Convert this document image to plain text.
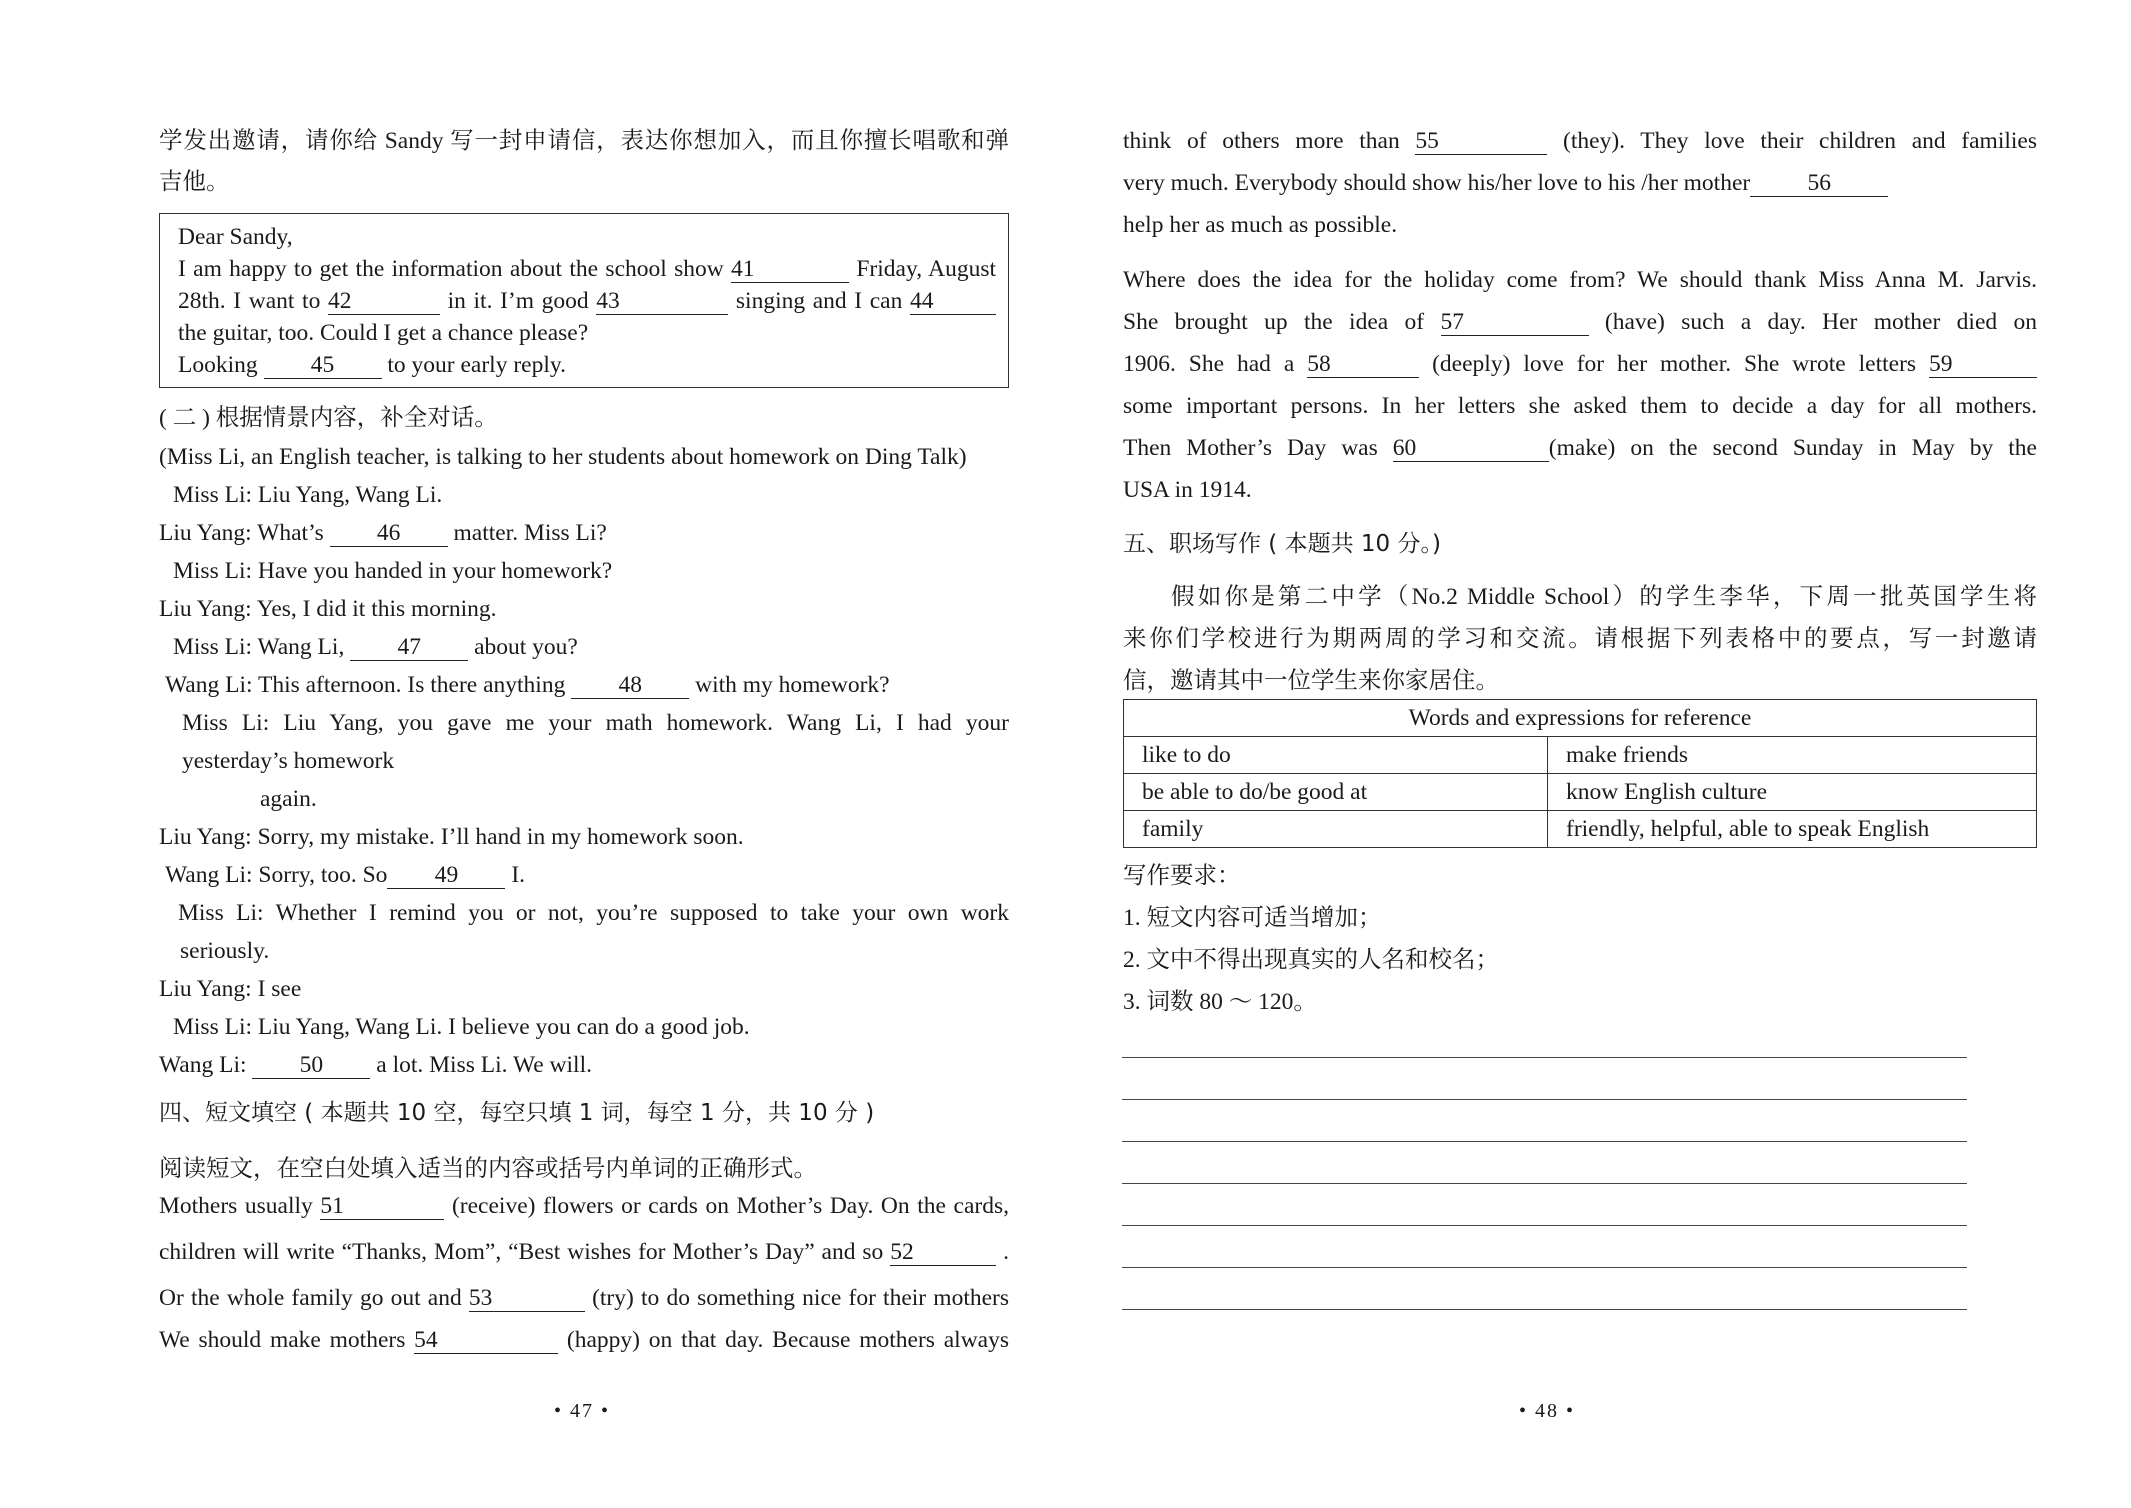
学发出邀请，请你给 Sandy 写一封申请信，表达你想加入，而且你擅长唱歌和弹
吉他。
Dear Sandy,
I am happy to get the information about the school show 41	Friday, August
28th. I want to 42	in it. I’m good 43	singing and I can 44
the guitar, too. Could I get a chance please?
Looking 45 to your early reply.
( 二 ) 根据情景内容，补全对话。
(Miss Li, an English teacher, is talking to her students about homework on Ding Talk)
Miss Li: Liu Yang, Wang Li.
Liu Yang: What’s 46 matter. Miss Li?
Miss Li: Have you handed in your homework?
Liu Yang: Yes, I did it this morning.
Miss Li: Wang Li, 47 about you?
Wang Li: This afternoon. Is there anything 48 with my homework?
Miss Li: Liu Yang, you gave me your math homework. Wang Li, I had your
yesterday’s homework
again.
Liu Yang: Sorry, my mistake. I’ll hand in my homework soon.
Wang Li: Sorry, too. So 49 I.
Miss Li: Whether I remind you or not, you’re supposed to take your own work
seriously.
Liu Yang: I see
Miss Li: Liu Yang, Wang Li. I believe you can do a good job.
Wang Li: 50 a lot. Miss Li. We will.
四、短文填空 ( 本题共 10 空，每空只填 1 词，每空 1 分，共 10 分 )
阅读短文，在空白处填入适当的内容或括号内单词的正确形式。
Mothers usually 51	(receive) flowers or cards on Mother’s Day. On the cards,
children will write “Thanks, Mom”, “Best wishes for Mother’s Day” and so 52	.
Or the whole family go out and 53	(try) to do something nice for their mothers
We should make mothers 54	(happy) on that day. Because mothers always
• 47 •
think of others more than 55	(they). They love their children and families
very much. Everybody should show his/her love to his /her mother 56
help her as much as possible.
Where does the idea for the holiday come from? We should thank Miss Anna M. Jarvis.
She brought up the idea of 57	(have) such a day. Her mother died on
1906. She had a 58	(deeply) love for her mother. She wrote letters 59
some important persons. In her letters she asked them to decide a day for all mothers.
Then Mother’s Day was 60	(make) on the second Sunday in May by the
USA in 1914.
五、职场写作 ( 本题共 10 分。)
假如你是第二中学（No.2 Middle School）的学生李华，下周一批英国学生将
来你们学校进行为期两周的学习和交流。请根据下列表格中的要点，写一封邀请
信，邀请其中一位学生来你家居住。
Words and expressions for reference	
like to do	make friends
be able to do/be good at	know English culture
family	friendly, helpful, able to speak English
写作要求：
1. 短文内容可适当增加；
2. 文中不得出现真实的人名和校名；
3. 词数 80 ～ 120。
• 48 •
